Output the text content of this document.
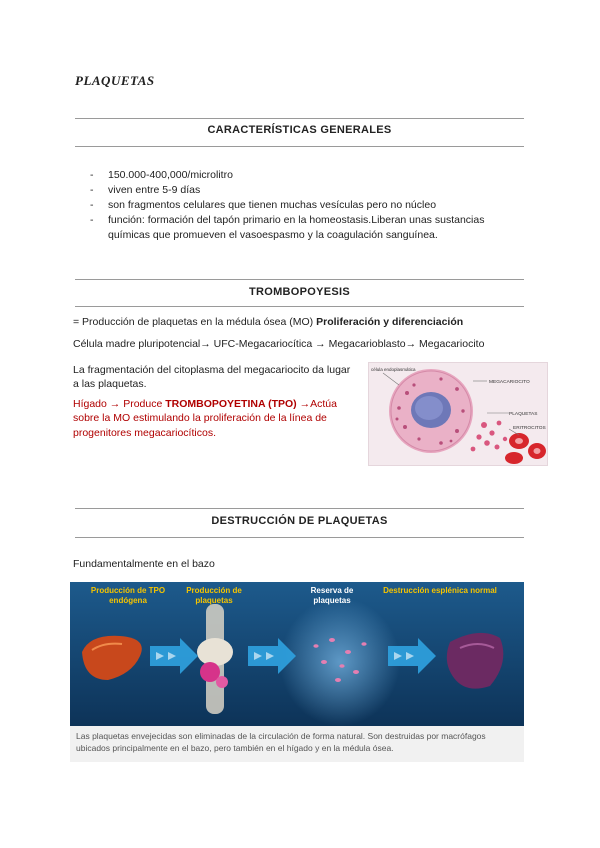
PLAQUETAS
CARACTERÍSTICAS GENERALES
- 150.000-400,000/microlitro
- viven entre 5-9 días
- son fragmentos celulares que tienen muchas vesículas pero no núcleo
- función: formación del tapón primario en la homeostasis.Liberan unas sustancias
químicas que promueven el vasoespasmo y la coagulación sanguínea.
TROMBOPOYESIS
= Producción de plaquetas en la médula ósea (MO) Proliferación y diferenciación
Célula madre pluripotencial→ UFC-Megacariocítica → Megacarioblasto→ Megacariocito
La fragmentación del citoplasma del megacariocito da lugar
a las plaquetas.
Hígado → Produce TROMBOPOYETINA (TPO) →Actúa
sobre la MO estimulando la proliferación de la línea de
progenitores megacariocíticos.
célula endoplasmática
MEGACARIOCITO
PLAQUETAS
ERITROCITOS
DESTRUCCIÓN DE PLAQUETAS
Fundamentalmente en el bazo
Producción de TPO endógena
Producción de plaquetas
Reserva de plaquetas
Destrucción esplénica normal
Las plaquetas envejecidas son eliminadas de la circulación de forma natural. Son destruidas por macrófagos ubicados principalmente en el bazo, pero también en el hígado y en la médula ósea.
